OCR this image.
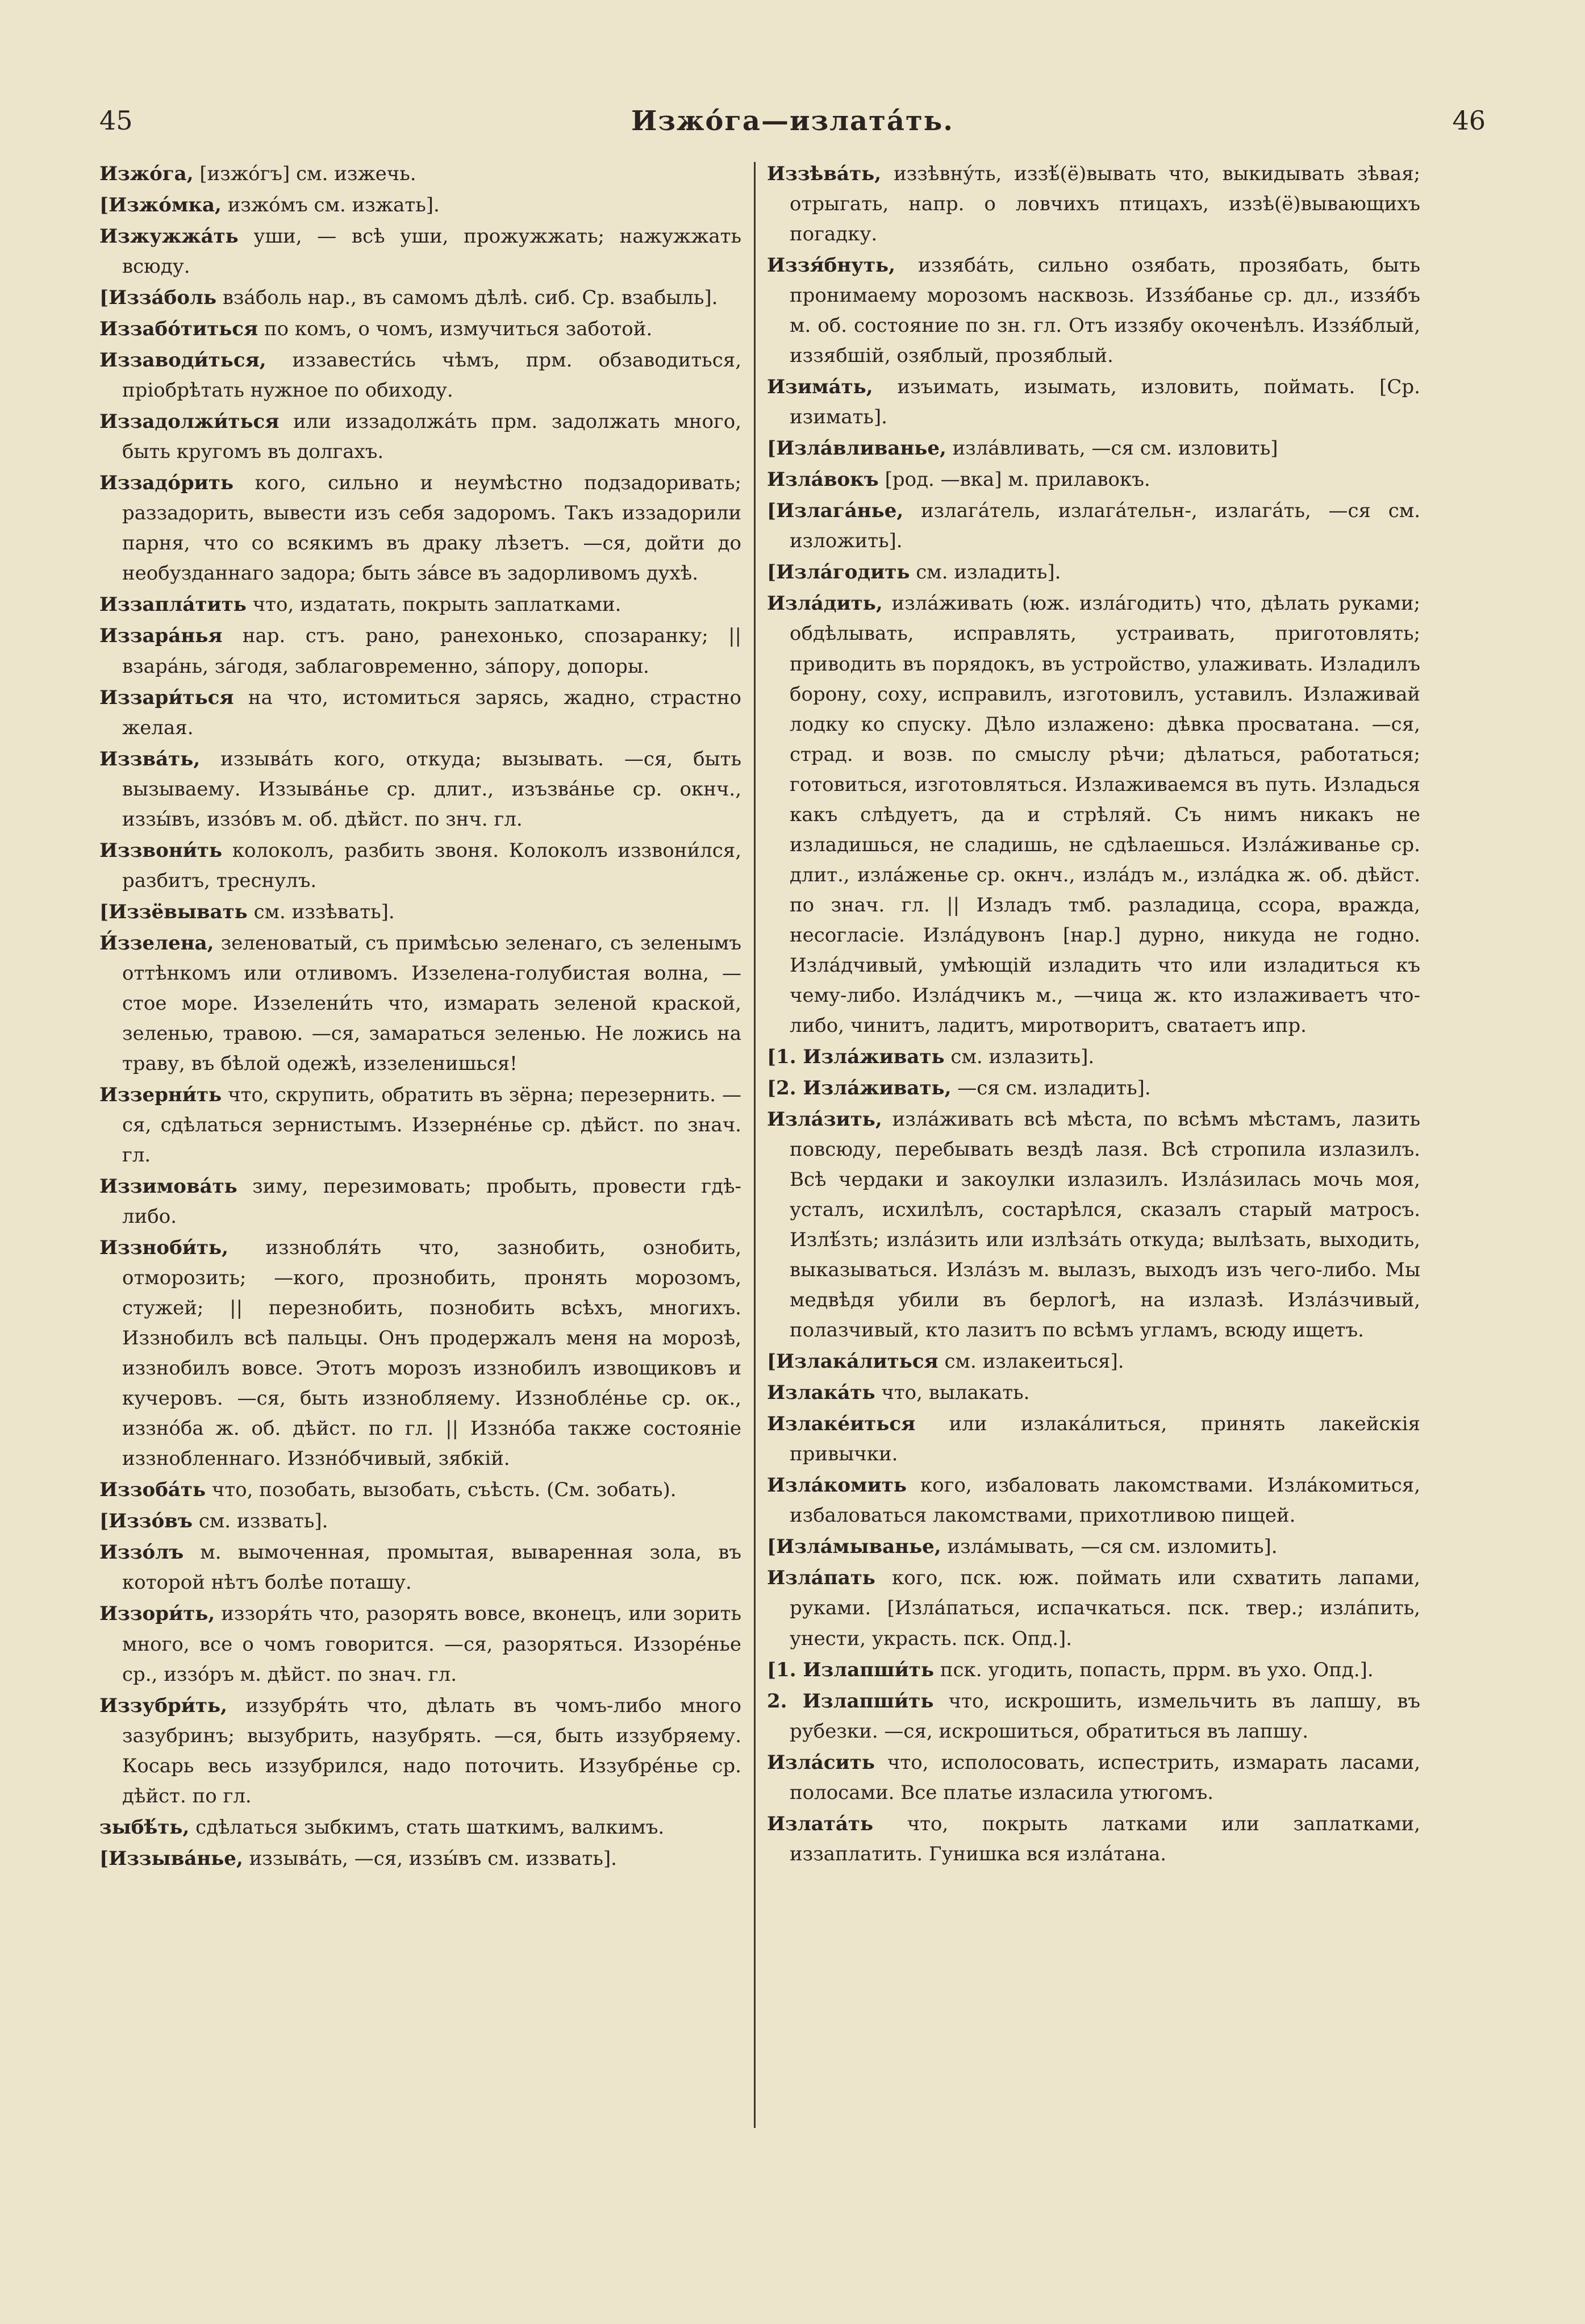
45	Изжо́га—излата́ть.	46

Изжо́га, [изжо́гъ] см. изжечь.

[Изжо́мка, изжо́мъ см. изжать].

Изжужжа́ть уши, — всѣ уши, прожужжать; нажужжать всюду.

[Иззáболь вза́боль нар., въ самомъ дѣлѣ. сиб. Ср. взабыль].

Иззабо́титься по комъ, о чомъ, измучиться заботой.

Иззаводи́ться, иззавести́сь чѣмъ, прм. обзаводиться, пріобрѣтать нужное по обиходу.

Иззадолжи́ться или иззадолжа́ть прм. задолжать много, быть кругомъ въ долгахъ.

Иззадо́рить кого, сильно и неумѣстно подзадоривать; раззадорить, вывести изъ себя задоромъ. Такъ иззадорили парня, что со всякимъ въ драку лѣзетъ. —ся, дойти до необузданнаго задора; быть за́все въ задорливомъ духѣ.

Иззапла́тить что, издатать, покрыть заплатками.

Иззара́нья нар. стъ. рано, ранехонько, спозаранку; || взара́нь, за́годя, заблаговременно, за́пору, допоры.

Иззари́ться на что, истомиться зарясь, жадно, страстно желая.

Иззва́ть, иззыва́ть кого, откуда; вызывать. —ся, быть вызываему. Иззыва́нье ср. длит., изъзва́нье ср. окнч., иззы́въ, иззо́въ м. об. дѣйст. по знч. гл.

Иззвони́ть колоколъ, разбить звоня. Колоколъ иззвони́лся, разбитъ, треснулъ.

[Иззёвывать см. иззѣвать].

И́ззелена, зеленоватый, съ примѣсью зеленаго, съ зеленымъ оттѣнкомъ или отливомъ. Иззелена-голубистая волна, —стое море. Иззелени́ть что, измарать зеленой краской, зеленью, травою. —ся, замараться зеленью. Не ложись на траву, въ бѣлой одежѣ, иззеленишься!

Иззерни́ть что, скрупить, обратить въ зёрна; перезернить. —ся, сдѣлаться зернистымъ. Иззерне́нье ср. дѣйст. по знач. гл.

Иззимова́ть зиму, перезимовать; пробыть, провести гдѣ-либо.

Иззноби́ть, иззнобля́ть что, зазнобить, ознобить, отморозить; —кого, прознобить, пронять морозомъ, стужей; || перезнобить, познобить всѣхъ, многихъ. Иззнобилъ всѣ пальцы. Онъ продержалъ меня на морозѣ, иззнобилъ вовсе. Этотъ морозъ иззнобилъ извощиковъ и кучеровъ. —ся, быть иззнобляему. Иззнобле́нье ср. ок., иззно́ба ж. об. дѣйст. по гл. || Иззно́ба также состояніе иззнобленнаго. Иззно́бчивый, зябкій.

Иззоба́ть что, позобать, вызобать, съѣсть. (См. зобать).

[Иззо́въ см. иззвать].

Иззо́лъ м. вымоченная, промытая, вываренная зола, въ которой нѣтъ болѣе поташу.

Иззори́ть, иззоря́ть что, разорять вовсе, вконецъ, или зорить много, все о чомъ говорится. —ся, разоряться. Иззоре́нье ср., иззо́ръ м. дѣйст. по знач. гл.

Иззубри́ть, иззубря́ть что, дѣлать въ чомъ-либо много зазубринъ; вызубрить, назубрять. —ся, быть иззубряему. Косарь весь иззубрился, надо поточить. Иззубре́нье ср. дѣйст. по гл.

зыбѣ́ть, сдѣлаться зыбкимъ, стать шаткимъ, валкимъ.

[Иззыва́нье, иззыва́ть, —ся, иззы́въ см. иззвать].

Иззѣва́ть, иззѣвну́ть, иззѣ́(ё)вывать что, выкидывать зѣвая; отрыгать, напр. о ловчихъ птицахъ, иззѣ(ё)вывающихъ погадку.

Иззя́бнуть, иззяба́ть, сильно озябать, прозябать, быть пронимаему морозомъ насквозь. Иззя́банье ср. дл., иззя́бъ м. об. состояние по зн. гл. Отъ иззябу окоченѣлъ. Иззя́блый, иззябшій, озяблый, прозяблый.

Изима́ть, изъимать, изымать, изловить, поймать. [Ср. изимать].

[Изла́вливанье, изла́вливать, —ся см. изловить]

Изла́вокъ [род. —вка] м. прилавокъ.

[Излага́нье, излага́тель, излага́тельн-, излага́ть, —ся см. изложить].

[Изла́годить см. изладить].

Изла́дить, изла́живать (юж. изла́годить) что, дѣлать руками; обдѣлывать, исправлять, устраивать, приготовлять; приводить въ порядокъ, въ устройство, улаживать. Изладилъ борону, соху, исправилъ, изготовилъ, уставилъ. Излаживай лодку ко спуску. Дѣло излажено: дѣвка просватана. —ся, страд. и возв. по смыслу рѣчи; дѣлаться, работаться; готовиться, изготовляться. Излаживаемся въ путь. Изладься какъ слѣдуетъ, да и стрѣляй. Съ нимъ никакъ не изладишься, не сладишь, не сдѣлаешься. Изла́живанье ср. длит., изла́женье ср. окнч., изла́дъ м., изла́дка ж. об. дѣйст. по знач. гл. || Изладъ тмб. разладица, ссора, вражда, несогласіе. Изла́дувонъ [нар.] дурно, никуда не годно. Изла́дчивый, умѣющій изладить что или изладиться къ чему-либо. Изла́дчикъ м., —чица ж. кто излаживаетъ что-либо, чинитъ, ладитъ, миротворитъ, сватаетъ ипр.

[1. Изла́живать см. излазить].

[2. Изла́живать, —ся см. изладить].

Изла́зить, изла́живать всѣ мѣста, по всѣмъ мѣстамъ, лазить повсюду, перебывать вездѣ лазя. Всѣ стропила излазилъ. Всѣ чердаки и закоулки излазилъ. Изла́зилась мочь моя, усталъ, исхилѣлъ, состарѣлся, сказалъ старый матросъ. Излѣ́зть; изла́зить или излѣза́ть откуда; вылѣзать, выходить, выказываться. Изла́зъ м. вылазъ, выходъ изъ чего-либо. Мы медвѣдя убили въ берлогѣ, на излазѣ. Изла́зчивый, полазчивый, кто лазитъ по всѣмъ угламъ, всюду ищетъ.

[Излака́литься см. излакеиться].

Излака́ть что, вылакать.

Излаке́иться или излака́литься, принять лакейскія привычки.

Изла́комить кого, избаловать лакомствами. Изла́комиться, избаловаться лакомствами, прихотливою пищей.

[Изла́мыванье, изла́мывать, —ся см. изломить].

Изла́пать кого, пск. юж. поймать или схватить лапами, руками. [Изла́паться, испачкаться. пск. твер.; изла́пить, унести, украсть. пск. Опд.].

[1. Излапши́ть пск. угодить, попасть, пррм. въ ухо. Опд.].

2. Излапши́ть что, искрошить, измельчить въ лапшу, въ рубезки. —ся, искрошиться, обратиться въ лапшу.

Изла́сить что, исполосовать, испестрить, измарать ласами, полосами. Все платье изласила утюгомъ.

Излата́ть что, покрыть латками или заплатками, иззаплатить. Гунишка вся изла́тана.
